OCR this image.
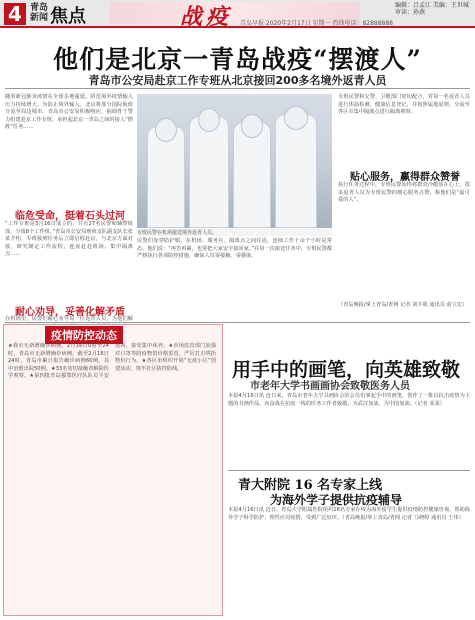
4 青岛新闻 焦点	战疫	编辑：吕孟江 美编：王世城 审读：孙燕
青岛早报 2020年2月17日 星期一 热线电话：82888888
他们是北京一青岛战疫“摆渡人”
青岛市公安局赴京工作专班从北京接回200多名境外返青人员
随着新冠肺炎疫情在全球多地蔓延，防范境外疫情输入压力持续增大。为防止境外输入，北京将部分国际航班分流至周边城市。青岛市公安局积极响应，抽调骨干警力组建赴京工作专班，承担起北京一青岛之间的接人“摆渡”任务……
临危受命，挺着石头过河
“工作专班是3月16日成立的，共有27名民警和辅警组成，分成8个工作组。”青岛市公安局刑侦支队副支队长张某介绍，专班接到任务后立即启程赴京，与北京方面对接，研究制定工作流程，连夜赶赴机场、集中隔离点……
耐心劝导，妥善化解矛盾
在机场里，民警们耐心劝导每一位返青人员，为他们解
专班民警在机场接送境外返青人员。
民警们身穿防护服，在机场、服务区、隔离点之间往返，连续工作十余个小时是常态。他们说：“再苦再累，也要把大家安全接回家。”在每一次接送任务中，专班民警都严格执行各项防控措施，确保人员零接触、零感染。
专班民警和交警、卫健部门密切配合，对每一名返青人员进行体温检测、健康信息登记，并按照属地原则，分流至各区市集中隔离点进行隔离观察。
贴心服务，赢得群众赞誉
执行任务过程中，专班民警始终将群众冷暖放在心上。很多返青人员为专班民警的细心服务点赞，称他们是“最可爱的人”。
（青岛晚报/掌上青岛/青网 记者 刘丰收 通讯员 俞立宏）
疫情防控动态
★我市无新增确诊病例。2月16日0时至24时，青岛市无新增确诊病例。截至2月16日24时，青岛市累计报告确诊病例60例，其中治愈出院50例。★33名密切接触者解除医学观察。★第四批青岛援鄂医疗队队员平安返回，接受集中休养。★市场监管部门加强对口罩等防疫物资价格监管，严厉打击哄抬物价行为。★各区市组织开展“无疫小区”创建活动，筑牢社区防控防线。	用手中的画笔，向英雄致敬
市老年大学书画画协会致敬医务人员
本报4月16日讯 连日来，青岛市老年大学书画协会的会员们拿起手中的画笔，创作了一批以抗击疫情为主题的书画作品，向奋战在抗疫一线的医务工作者致敬，为武汉加油、为中国加油。（记者 某某）
青大附院 16 名专家上线
为海外学子提供抗疫辅导
本报4月16日讯 近日，青岛大学附属医院组织16名专家在线为海外留学生提供疫情防控健康咨询，帮助海外学子科学防护、理性应对疫情，受到广泛好评。（青岛晚报/掌上青岛/青网 记者 马晓婷 通讯员 王伟）
